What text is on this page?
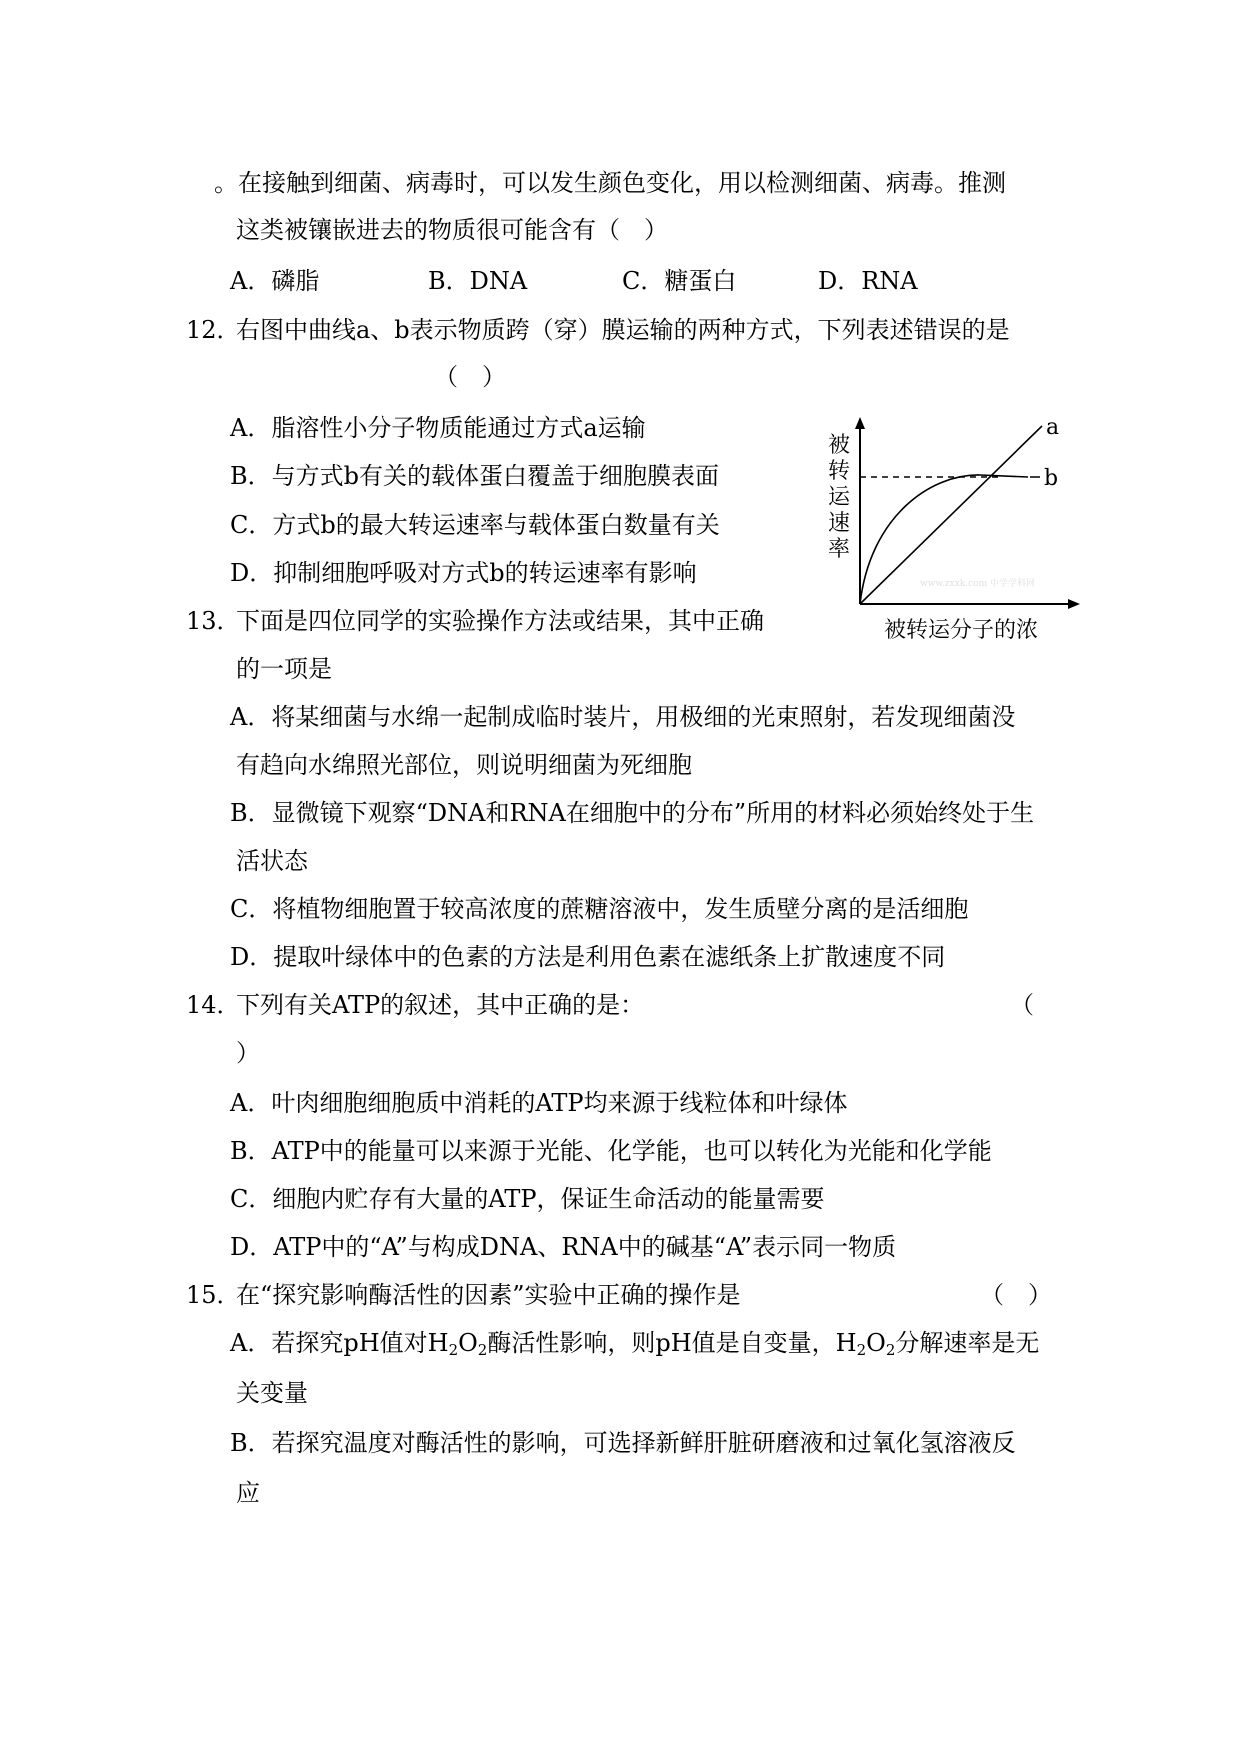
。在接触到细菌、病毒时，可以发生颜色变化，用以检测细菌、病毒。推测
这类被镶嵌进去的物质很可能含有（　）
A．磷脂	B．DNA	C．糖蛋白	D．RNA
12．
右图中曲线a、b表示物质跨（穿）膜运输的两种方式，下列表述错误的是
（　）
A．脂溶性小分子物质能通过方式a运输
B．与方式b有关的载体蛋白覆盖于细胞膜表面
C．方式b的最大转运速率与载体蛋白数量有关
D．抑制细胞呼吸对方式b的转运速率有影响	www.zxxk.com 中学学科网
被
转
运
速
率
b
a
被转运分子的浓
13．
下面是四位同学的实验操作方法或结果，其中正确
的一项是
A．将某细菌与水绵一起制成临时装片，用极细的光束照射，若发现细菌没
有趋向水绵照光部位，则说明细菌为死细胞
B．显微镜下观察“DNA和RNA在细胞中的分布”所用的材料必须始终处于生
活状态
C．将植物细胞置于较高浓度的蔗糖溶液中，发生质壁分离的是活细胞
D．提取叶绿体中的色素的方法是利用色素在滤纸条上扩散速度不同
14．
下列有关ATP的叙述，其中正确的是：	（
）
A．叶肉细胞细胞质中消耗的ATP均来源于线粒体和叶绿体
B．ATP中的能量可以来源于光能、化学能，也可以转化为光能和化学能
C．细胞内贮存有大量的ATP，保证生命活动的能量需要
D．ATP中的“A”与构成DNA、RNA中的碱基“A”表示同一物质
15．
在“探究影响酶活性的因素”实验中正确的操作是	（　）
A．若探究pH值对$H_2O_2$酶活性影响，则pH值是自变量，$H_2O_2$分解速率是无
关变量
B．若探究温度对酶活性的影响，可选择新鲜肝脏研磨液和过氧化氢溶液反
应
